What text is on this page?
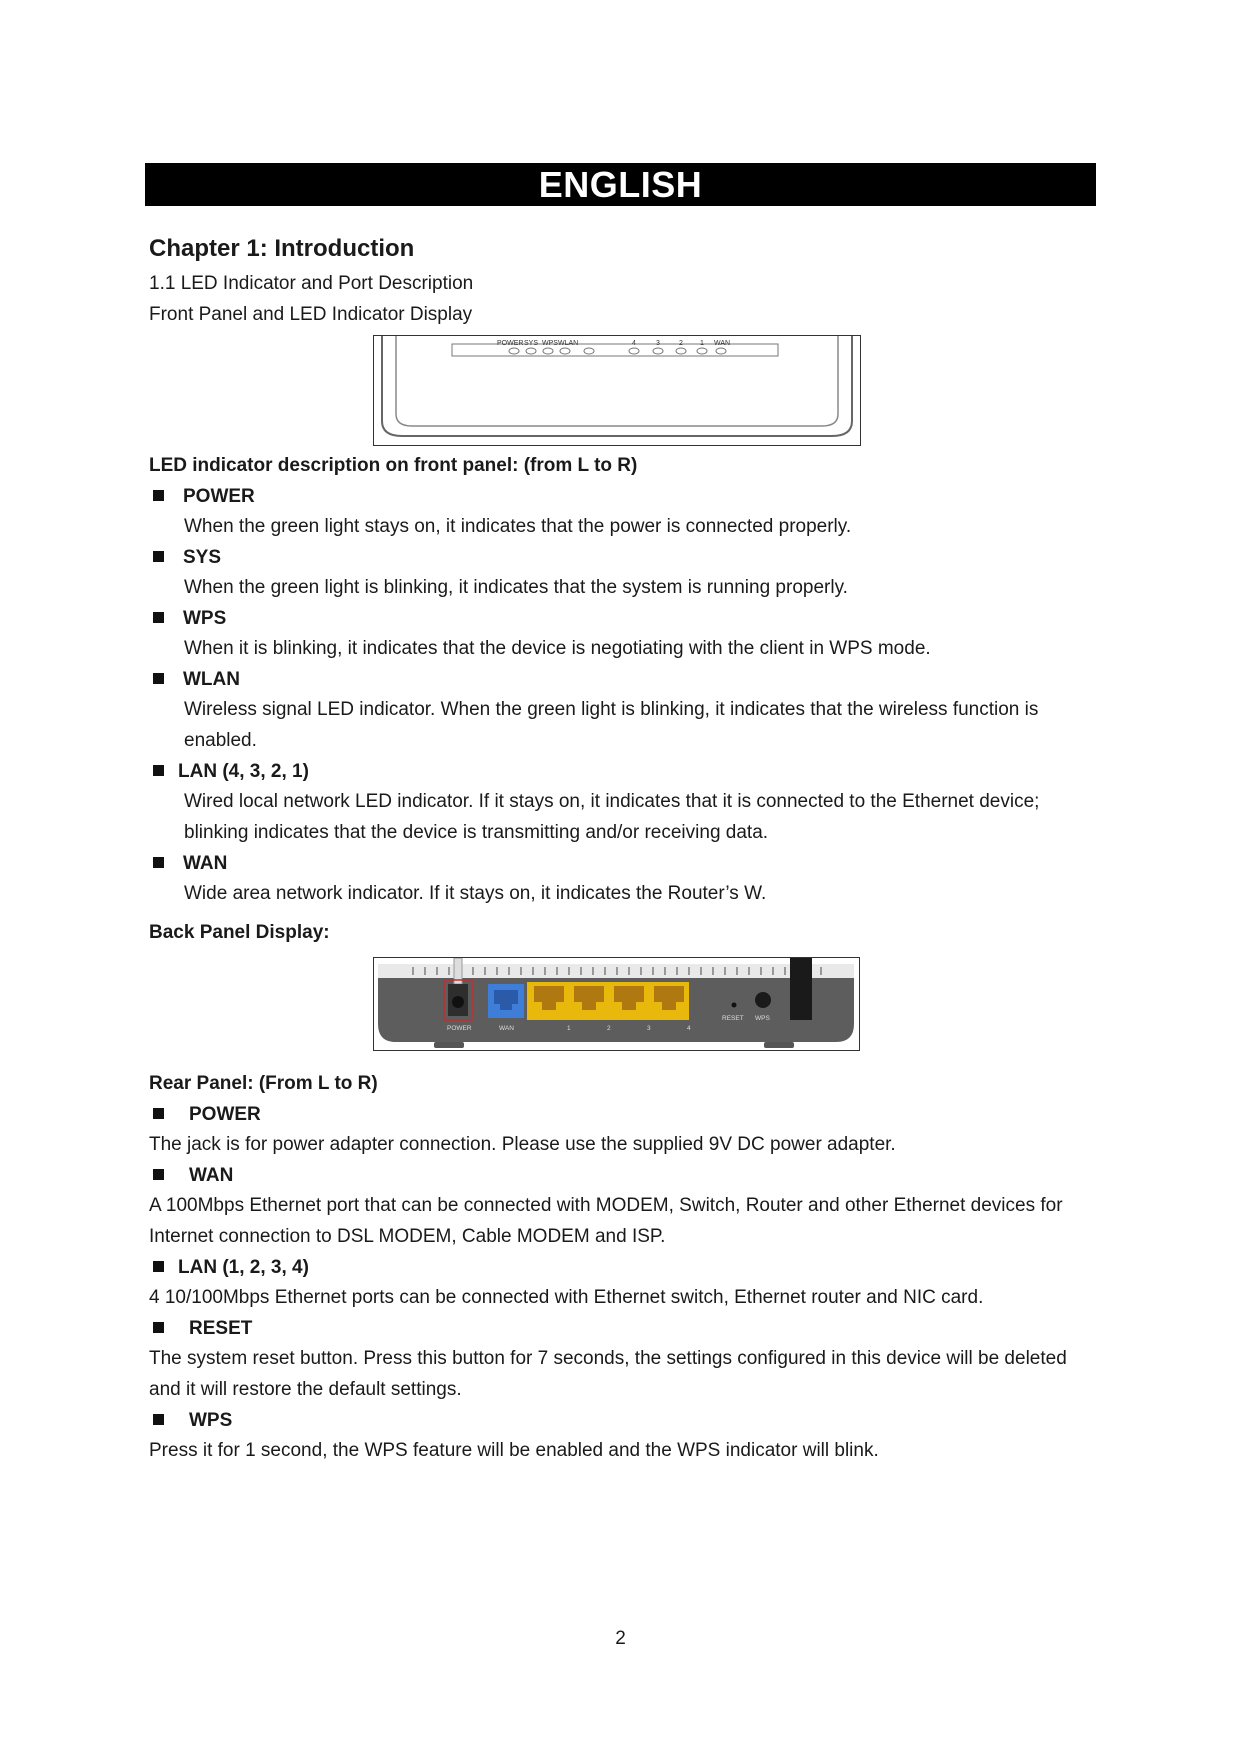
ENGLISH
Chapter 1: Introduction
1.1 LED Indicator and Port Description
Front Panel and LED Indicator Display
POWER SYS WPS WLAN	4	3	2 1 WAN
LED indicator description on front panel: (from L to R)
POWER
When the green light stays on, it indicates that the power is connected properly.
SYS
When the green light is blinking, it indicates that the system is running properly.
WPS
When it is blinking, it indicates that the device is negotiating with the client in WPS mode.
WLAN
Wireless signal LED indicator. When the green light is blinking, it indicates that the wireless function is enabled.
LAN (4, 3, 2, 1)
Wired local network LED indicator. If it stays on, it indicates that it is connected to the Ethernet device; blinking indicates that the device is transmitting and/or receiving data.
WAN
Wide area network indicator. If it stays on, it indicates the Router’s W.
Back Panel Display:
POWER	WAN	1	2	3	4
RESET WPS
Rear Panel: (From L to R)
POWER
The jack is for power adapter connection. Please use the supplied 9V DC power adapter.
WAN
A 100Mbps Ethernet port that can be connected with MODEM, Switch, Router and other Ethernet devices for Internet connection to DSL MODEM, Cable MODEM and ISP.
LAN (1, 2, 3, 4)
4 10/100Mbps Ethernet ports can be connected with Ethernet switch, Ethernet router and NIC card.
RESET
The system reset button. Press this button for 7 seconds, the settings configured in this device will be deleted and it will restore the default settings.
WPS
Press it for 1 second, the WPS feature will be enabled and the WPS indicator will blink.
2
